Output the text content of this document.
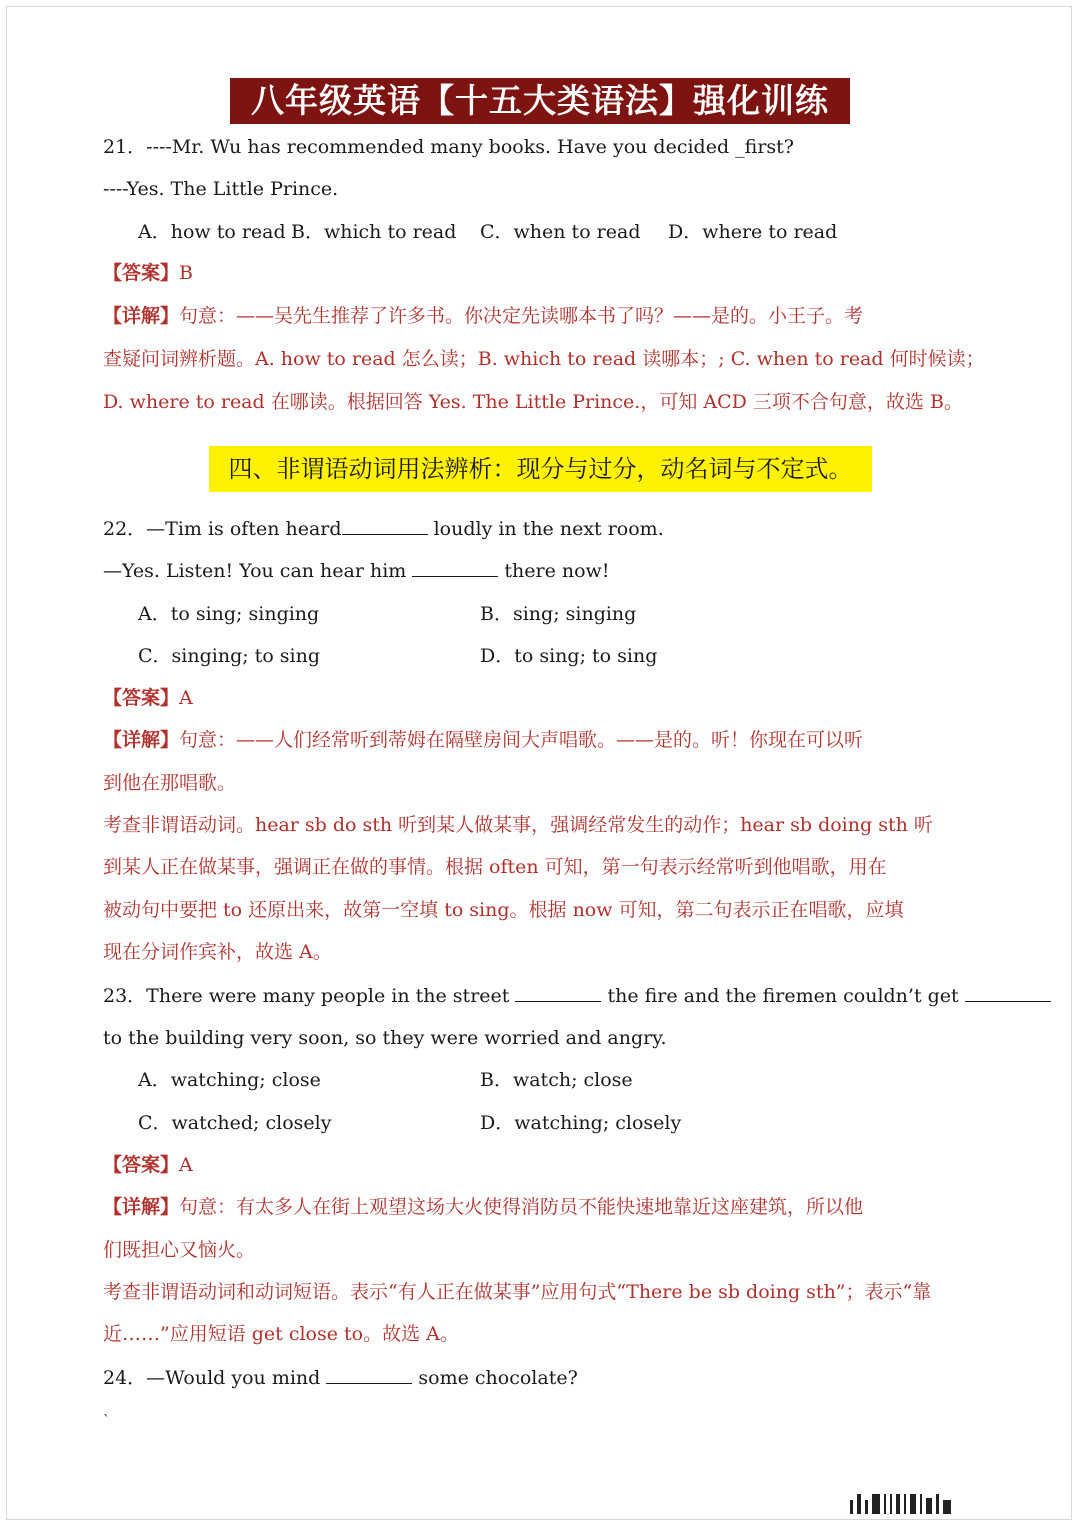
八年级英语【十五大类语法】强化训练
21．----Mr. Wu has recommended many books. Have you decided _first?
----Yes. The Little Prince.
A．how to read B．which to read C．when to read D．where to read
【答案】B
【详解】句意：——吴先生推荐了许多书。你决定先读哪本书了吗？——是的。小王子。考
查疑问词辨析题。A. how to read 怎么读；B. which to read 读哪本；; C. when to read 何时候读；
D. where to read 在哪读。根据回答 Yes. The Little Prince.，可知 ACD 三项不合句意，故选 B。
四、非谓语动词用法辨析：现分与过分，动名词与不定式。
22．—Tim is often heard	loudly in the next room.
—Yes. Listen! You can hear him	there now!
A．to sing; singing	B．sing; singing
C．singing; to sing	D．to sing; to sing
【答案】A
【详解】句意：——人们经常听到蒂姆在隔壁房间大声唱歌。——是的。听！你现在可以听
到他在那唱歌。
考查非谓语动词。hear sb do sth 听到某人做某事，强调经常发生的动作；hear sb doing sth 听
到某人正在做某事，强调正在做的事情。根据 often 可知，第一句表示经常听到他唱歌，用在
被动句中要把 to 还原出来，故第一空填 to sing。根据 now 可知，第二句表示正在唱歌，应填
现在分词作宾补，故选 A。
23．There were many people in the street	the fire and the firemen couldn’t get
to the building very soon, so they were worried and angry.
A．watching; close	B．watch; close
C．watched; closely	D．watching; closely
【答案】A
【详解】句意：有太多人在街上观望这场大火使得消防员不能快速地靠近这座建筑，所以他
们既担心又恼火。
考查非谓语动词和动词短语。表示“有人正在做某事”应用句式“There be sb doing sth”；表示“靠
近……”应用短语 get close to。故选 A。
24．—Would you mind	some chocolate?
`
